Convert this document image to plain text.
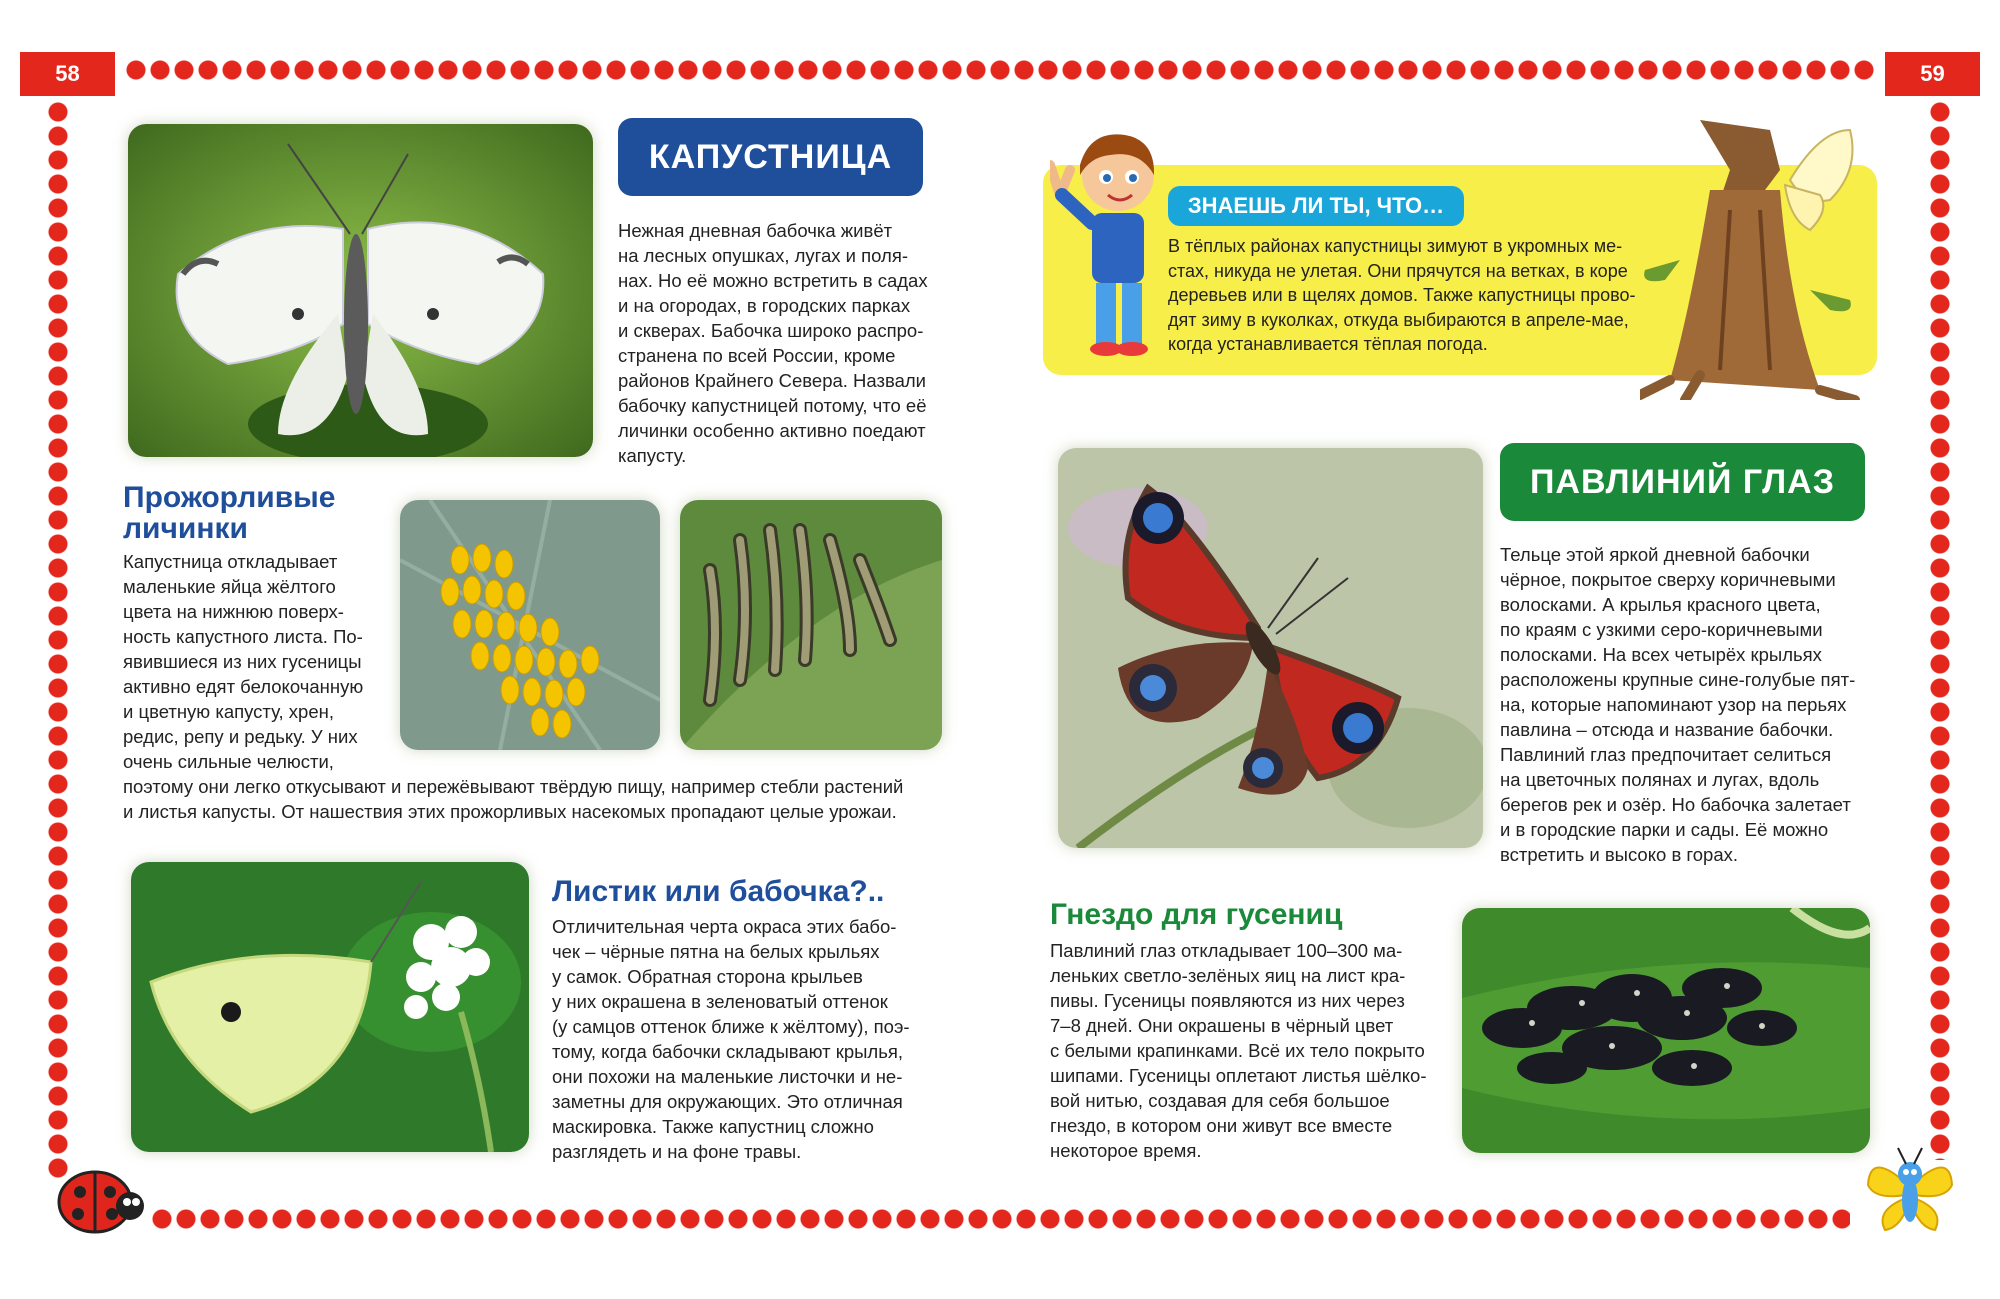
58	59
КАПУСТНИЦА
Нежная дневная бабочка живёт
на лесных опушках, лугах и поля-
нах. Но её можно встретить в садах
и на огородах, в городских парках
и скверах. Бабочка широко распро-
странена по всей России, кроме
районов Крайнего Севера. Назвали
бабочку капустницей потому, что её
личинки особенно активно поедают
капусту.
Прожорливые
личинки
Капустница откладывает
маленькие яйца жёлтого
цвета на нижнюю поверх-
ность капустного листа. По-
явившиеся из них гусеницы
активно едят белокочанную
и цветную капусту, хрен,
редис, репу и редьку. У них
очень сильные челюсти,
поэтому они легко откусывают и пережёвывают твёрдую пищу, например стебли растений
и листья капусты. От нашествия этих прожорливых насекомых пропадают целые урожаи.
Листик или бабочка?..
Отличительная черта окраса этих бабо-
чек – чёрные пятна на белых крыльях
у самок. Обратная сторона крыльев
у них окрашена в зеленоватый оттенок
(у самцов оттенок ближе к жёлтому), поэ-
тому, когда бабочки складывают крылья,
они похожи на маленькие листочки и не-
заметны для окружающих. Это отличная
маскировка. Также капустниц сложно
разглядеть и на фоне травы.
ЗНАЕШЬ ЛИ ТЫ, ЧТО…
В тёплых районах капустницы зимуют в укромных ме-
стах, никуда не улетая. Они прячутся на ветках, в коре
деревьев или в щелях домов. Также капустницы прово-
дят зиму в куколках, откуда выбираются в апреле-мае,
когда устанавливается тёплая погода.
ПАВЛИНИЙ ГЛАЗ
Тельце этой яркой дневной бабочки
чёрное, покрытое сверху коричневыми
волосками. А крылья красного цвета,
по краям с узкими серо-коричневыми
полосками. На всех четырёх крыльях
расположены крупные сине-голубые пят-
на, которые напоминают узор на перьях
павлина – отсюда и название бабочки.
Павлиний глаз предпочитает селиться
на цветочных полянах и лугах, вдоль
берегов рек и озёр. Но бабочка залетает
и в городские парки и сады. Её можно
встретить и высоко в горах.
Гнездо для гусениц
Павлиний глаз откладывает 100–300 ма-
леньких светло-зелёных яиц на лист кра-
пивы. Гусеницы появляются из них через
7–8 дней. Они окрашены в чёрный цвет
с белыми крапинками. Всё их тело покрыто
шипами. Гусеницы оплетают листья шёлко-
вой нитью, создавая для себя большое
гнездо, в котором они живут все вместе
некоторое время.
